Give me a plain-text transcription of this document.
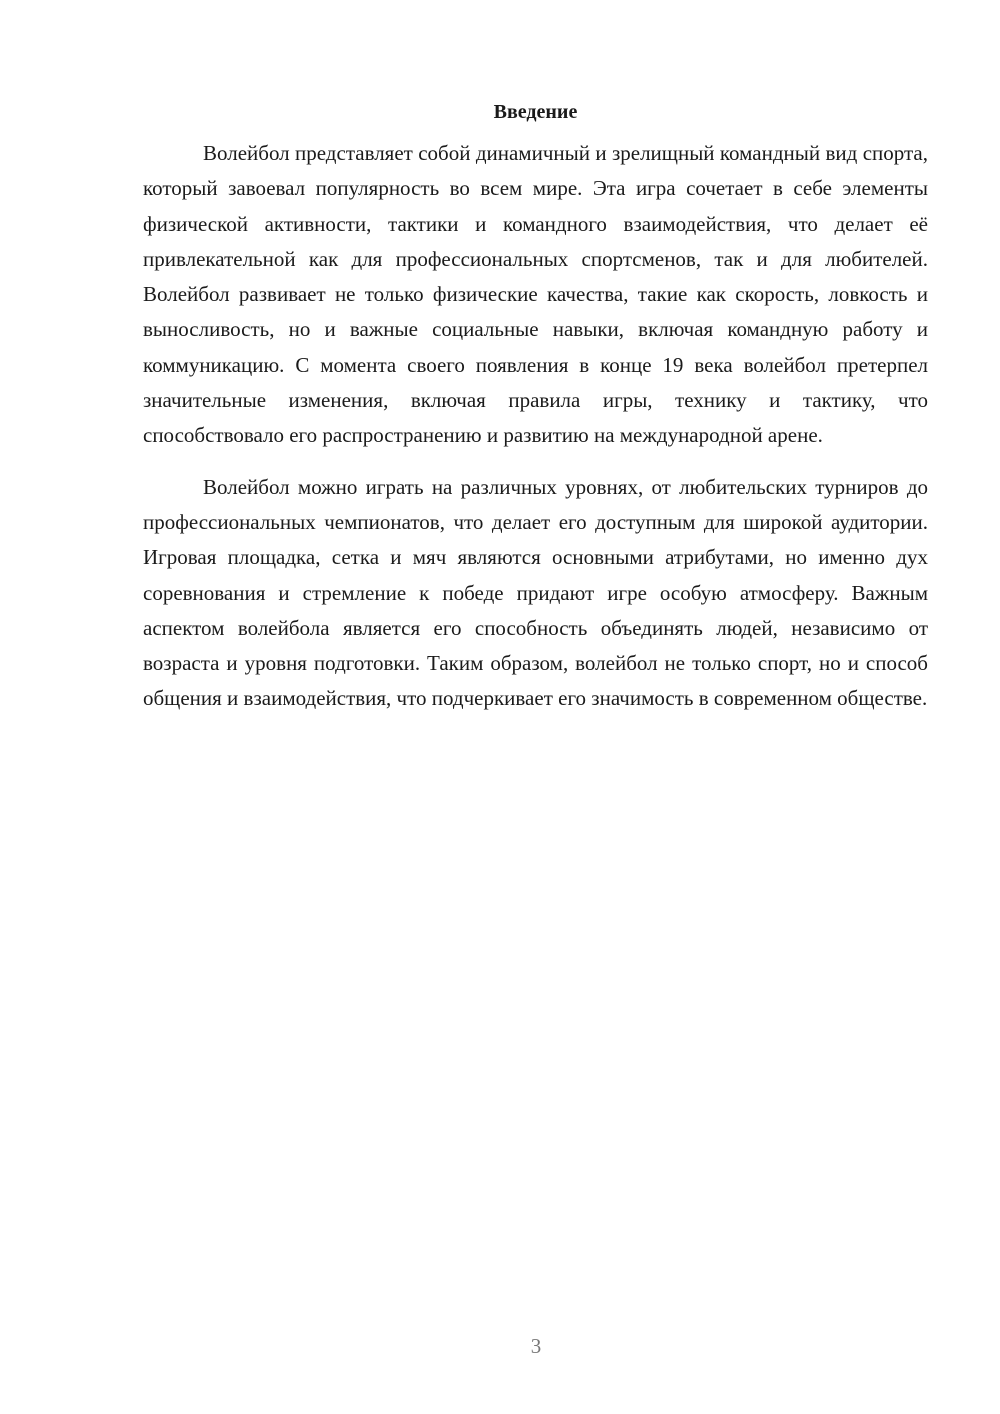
Введение

Волейбол представляет собой динамичный и зрелищный командный вид спорта, который завоевал популярность во всем мире. Эта игра сочетает в себе элементы физической активности, тактики и командного взаимодействия, что делает её привлекательной как для профессиональных спортсменов, так и для любителей. Волейбол развивает не только физические качества, такие как скорость, ловкость и выносливость, но и важные социальные навыки, включая командную работу и коммуникацию. С момента своего появления в конце 19 века волейбол претерпел значительные изменения, включая правила игры, технику и тактику, что способствовало его распространению и развитию на международной арене.

Волейбол можно играть на различных уровнях, от любительских турниров до профессиональных чемпионатов, что делает его доступным для широкой аудитории. Игровая площадка, сетка и мяч являются основными атрибутами, но именно дух соревнования и стремление к победе придают игре особую атмосферу. Важным аспектом волейбола является его способность объединять людей, независимо от возраста и уровня подготовки. Таким образом, волейбол не только спорт, но и способ общения и взаимодействия, что подчеркивает его значимость в современном обществе.

3
